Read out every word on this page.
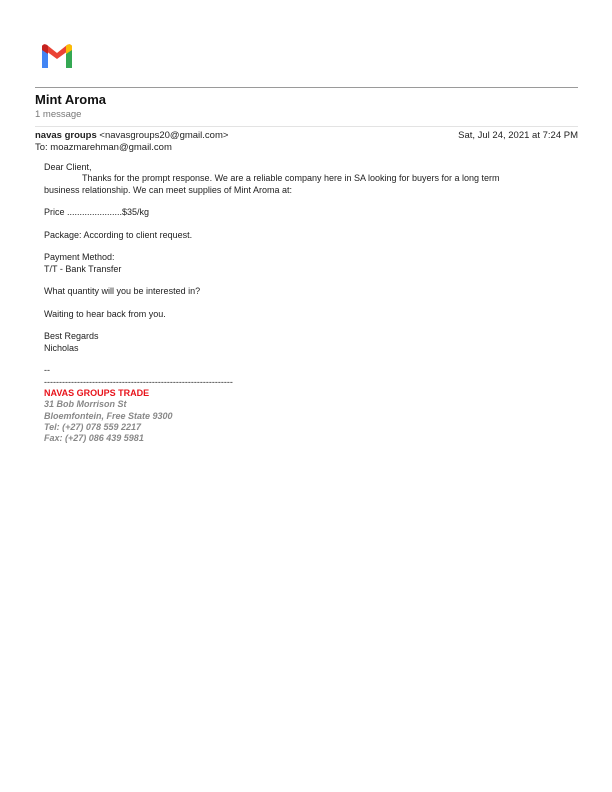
Mint Aroma
1 message
navas groups <navasgroups20@gmail.com>
To: moazmarehman@gmail.com
Sat, Jul 24, 2021 at 7:24 PM

Dear Client,

Thanks for the prompt response. We are a reliable company here in SA looking for buyers for a long term

business relationship. We can meet supplies of Mint Aroma at:

Price ......................$35/kg

Package: According to client request.

Payment Method:

T/T - Bank Transfer

What quantity will you be interested in?

Waiting to hear back from you.

Best Regards

Nicholas

--

---------------------------------------------------------------

NAVAS GROUPS TRADE

31 Bob Morrison St

Bloemfontein, Free State 9300

Tel: (+27) 078 559 2217

Fax: (+27) 086 439 5981
